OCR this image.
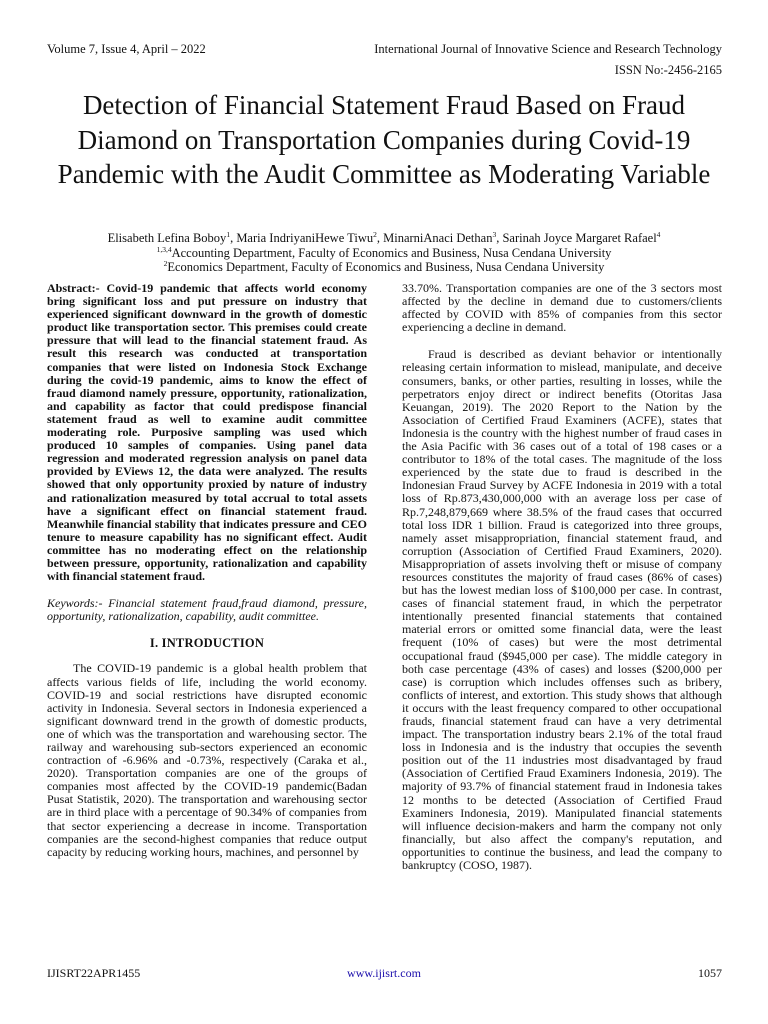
Volume 7, Issue 4, April – 2022	International Journal of Innovative Science and Research Technology
ISSN No:-2456-2165
Detection of Financial Statement Fraud Based on Fraud Diamond on Transportation Companies during Covid-19 Pandemic with the Audit Committee as Moderating Variable
Elisabeth Lefina Boboy$^1$, Maria IndriyaniHewe Tiwu$^2$, MinarniAnaci Dethan$^3$, Sarinah Joyce Margaret Rafael$^4$
$^{1,3,4}$Accounting Department, Faculty of Economics and Business, Nusa Cendana University
$^2$Economics Department, Faculty of Economics and Business, Nusa Cendana University

Abstract:- Covid-19 pandemic that affects world economy bring significant loss and put pressure on industry that experienced significant downward in the growth of domestic product like transportation sector. This premises could create pressure that will lead to the financial statement fraud. As result this research was conducted at transportation companies that were listed on Indonesia Stock Exchange during the covid-19 pandemic, aims to know the effect of fraud diamond namely pressure, opportunity, rationalization, and capability as factor that could predispose financial statement fraud as well to examine audit committee moderating role. Purposive sampling was used which produced 10 samples of companies. Using panel data regression and moderated regression analysis on panel data provided by EViews 12, the data were analyzed. The results showed that only opportunity proxied by nature of industry and rationalization measured by total accrual to total assets have a significant effect on financial statement fraud. Meanwhile financial stability that indicates pressure and CEO tenure to measure capability has no significant effect. Audit committee has no moderating effect on the relationship between pressure, opportunity, rationalization and capability with financial statement fraud.

Keywords:- Financial statement fraud,fraud diamond, pressure, opportunity, rationalization, capability, audit committee.

I. INTRODUCTION

The COVID-19 pandemic is a global health problem that affects various fields of life, including the world economy. COVID-19 and social restrictions have disrupted economic activity in Indonesia. Several sectors in Indonesia experienced a significant downward trend in the growth of domestic products, one of which was the transportation and warehousing sector. The railway and warehousing sub-sectors experienced an economic contraction of -6.96% and -0.73%, respectively (Caraka et al., 2020). Transportation companies are one of the groups of companies most affected by the COVID-19 pandemic(Badan Pusat Statistik, 2020). The transportation and warehousing sector are in third place with a percentage of 90.34% of companies from that sector experiencing a decrease in income. Transportation companies are the second-highest companies that reduce output capacity by reducing working hours, machines, and personnel by

33.70%. Transportation companies are one of the 3 sectors most affected by the decline in demand due to customers/clients affected by COVID with 85% of companies from this sector experiencing a decline in demand.

Fraud is described as deviant behavior or intentionally releasing certain information to mislead, manipulate, and deceive consumers, banks, or other parties, resulting in losses, while the perpetrators enjoy direct or indirect benefits (Otoritas Jasa Keuangan, 2019). The 2020 Report to the Nation by the Association of Certified Fraud Examiners (ACFE), states that Indonesia is the country with the highest number of fraud cases in the Asia Pacific with 36 cases out of a total of 198 cases or a contributor to 18% of the total cases. The magnitude of the loss experienced by the state due to fraud is described in the Indonesian Fraud Survey by ACFE Indonesia in 2019 with a total loss of Rp.873,430,000,000 with an average loss per case of Rp.7,248,879,669 where 38.5% of the fraud cases that occurred total loss IDR 1 billion. Fraud is categorized into three groups, namely asset misappropriation, financial statement fraud, and corruption (Association of Certified Fraud Examiners, 2020). Misappropriation of assets involving theft or misuse of company resources constitutes the majority of fraud cases (86% of cases) but has the lowest median loss of $100,000 per case. In contrast, cases of financial statement fraud, in which the perpetrator intentionally presented financial statements that contained material errors or omitted some financial data, were the least frequent (10% of cases) but were the most detrimental occupational fraud ($945,000 per case). The middle category in both case percentage (43% of cases) and losses ($200,000 per case) is corruption which includes offenses such as bribery, conflicts of interest, and extortion. This study shows that although it occurs with the least frequency compared to other occupational frauds, financial statement fraud can have a very detrimental impact. The transportation industry bears 2.1% of the total fraud loss in Indonesia and is the industry that occupies the seventh position out of the 11 industries most disadvantaged by fraud (Association of Certified Fraud Examiners Indonesia, 2019). The majority of 93.7% of financial statement fraud in Indonesia takes 12 months to be detected (Association of Certified Fraud Examiners Indonesia, 2019). Manipulated financial statements will influence decision-makers and harm the company not only financially, but also affect the company's reputation, and opportunities to continue the business, and lead the company to bankruptcy (COSO, 1987).

IJISRT22APR1455	www.ijisrt.com	1057
